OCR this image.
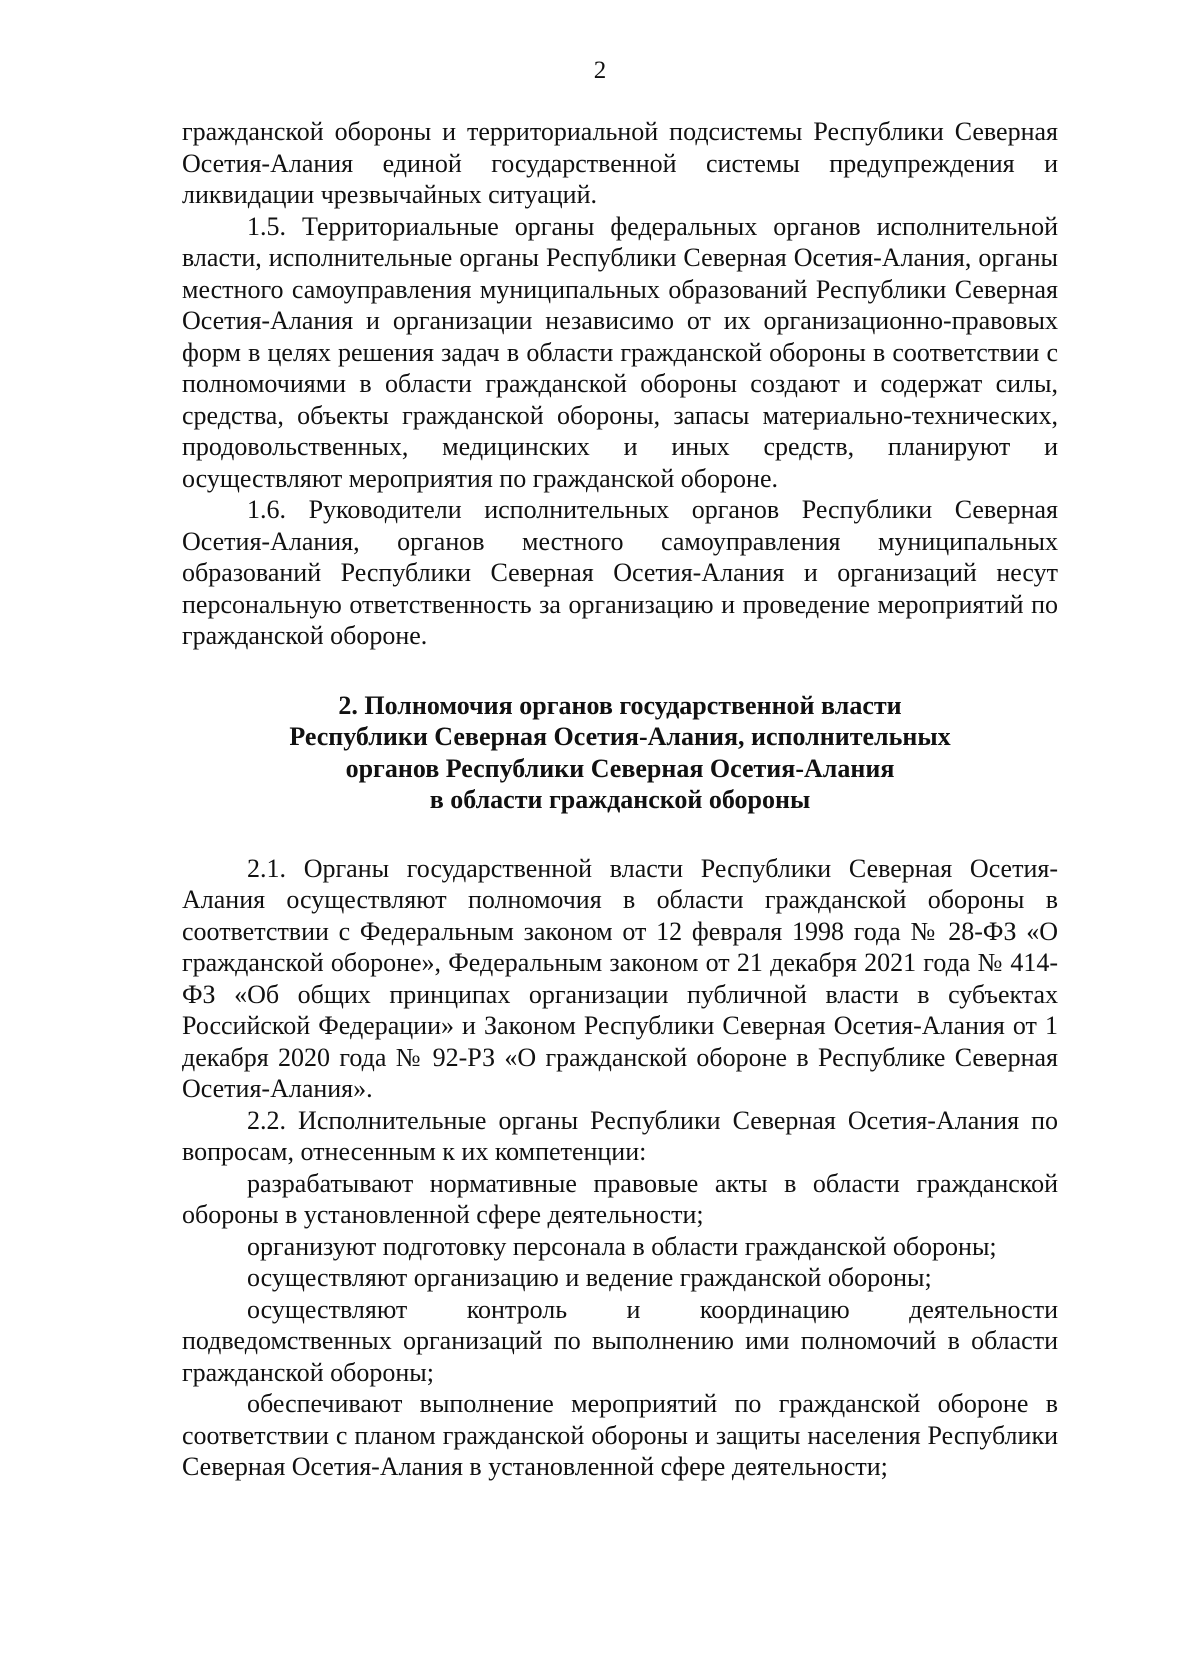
2

гражданской обороны и территориальной подсистемы Республики Северная Осетия-Алания единой государственной системы предупреждения и ликвидации чрезвычайных ситуаций.

1.5. Территориальные органы федеральных органов исполнительной власти, исполнительные органы Республики Северная Осетия-Алания, органы местного самоуправления муниципальных образований Республики Северная Осетия-Алания и организации независимо от их организационно-правовых форм в целях решения задач в области гражданской обороны в соответствии с полномочиями в области гражданской обороны создают и содержат силы, средства, объекты гражданской обороны, запасы материально-технических, продовольственных, медицинских и иных средств, планируют и осуществляют мероприятия по гражданской обороне.

1.6. Руководители исполнительных органов Республики Северная Осетия-Алания, органов местного самоуправления муниципальных образований Республики Северная Осетия-Алания и организаций несут персональную ответственность за организацию и проведение мероприятий по гражданской обороне.

2. Полномочия органов государственной власти
Республики Северная Осетия-Алания, исполнительных
органов Республики Северная Осетия-Алания
в области гражданской обороны

2.1. Органы государственной власти Республики Северная Осетия-Алания осуществляют полномочия в области гражданской обороны в соответствии с Федеральным законом от 12 февраля 1998 года № 28-ФЗ «О гражданской обороне», Федеральным законом от 21 декабря 2021 года № 414-ФЗ «Об общих принципах организации публичной власти в субъектах Российской Федерации» и Законом Республики Северная Осетия-Алания от 1 декабря 2020 года № 92-РЗ «О гражданской обороне в Республике Северная Осетия-Алания».

2.2. Исполнительные органы Республики Северная Осетия-Алания по вопросам, отнесенным к их компетенции:

разрабатывают нормативные правовые акты в области гражданской обороны в установленной сфере деятельности;

организуют подготовку персонала в области гражданской обороны;

осуществляют организацию и ведение гражданской обороны;

осуществляют контроль и координацию деятельности подведомственных организаций по выполнению ими полномочий в области гражданской обороны;

обеспечивают выполнение мероприятий по гражданской обороне в соответствии с планом гражданской обороны и защиты населения Республики Северная Осетия-Алания в установленной сфере деятельности;
